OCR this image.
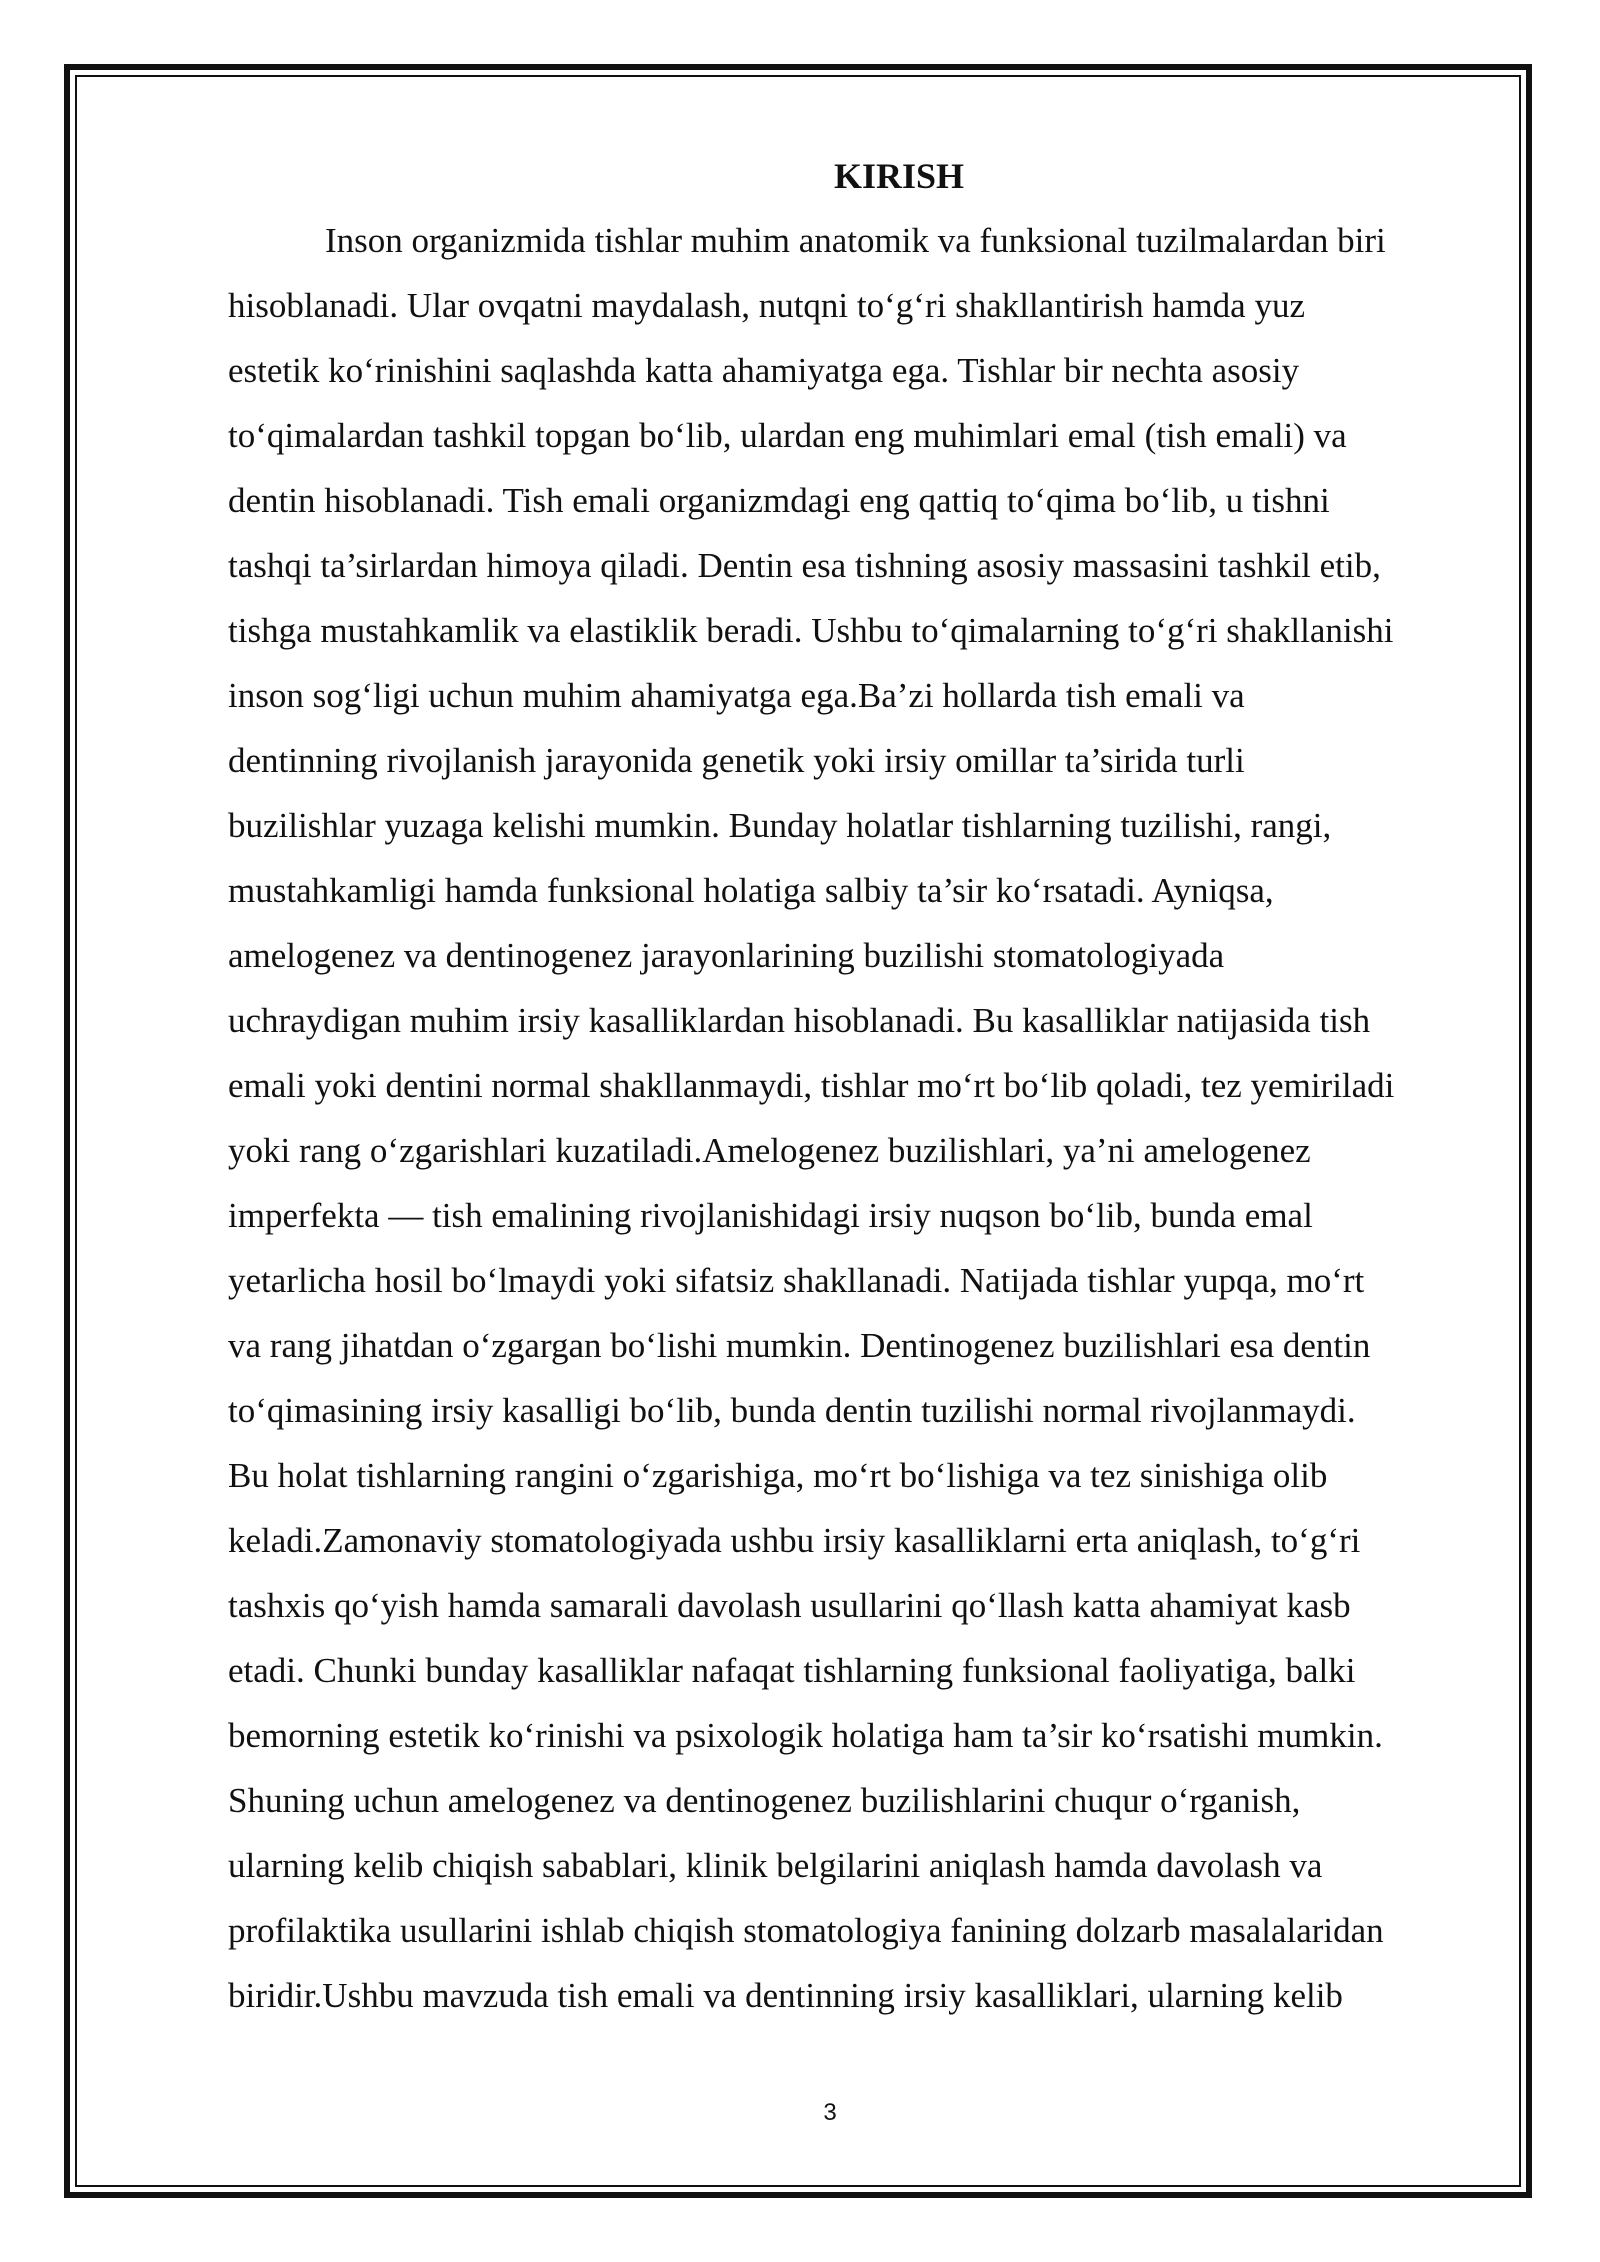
KIRISH

Inson organizmida tishlar muhim anatomik va funksional tuzilmalardan biri
hisoblanadi. Ular ovqatni maydalash, nutqni to‘g‘ri shakllantirish hamda yuz
estetik ko‘rinishini saqlashda katta ahamiyatga ega. Tishlar bir nechta asosiy
to‘qimalardan tashkil topgan bo‘lib, ulardan eng muhimlari emal (tish emali) va
dentin hisoblanadi. Tish emali organizmdagi eng qattiq to‘qima bo‘lib, u tishni
tashqi ta’sirlardan himoya qiladi. Dentin esa tishning asosiy massasini tashkil etib,
tishga mustahkamlik va elastiklik beradi. Ushbu to‘qimalarning to‘g‘ri shakllanishi
inson sog‘ligi uchun muhim ahamiyatga ega.Ba’zi hollarda tish emali va
dentinning rivojlanish jarayonida genetik yoki irsiy omillar ta’sirida turli
buzilishlar yuzaga kelishi mumkin. Bunday holatlar tishlarning tuzilishi, rangi,
mustahkamligi hamda funksional holatiga salbiy ta’sir ko‘rsatadi. Ayniqsa,
amelogenez va dentinogenez jarayonlarining buzilishi stomatologiyada
uchraydigan muhim irsiy kasalliklardan hisoblanadi. Bu kasalliklar natijasida tish
emali yoki dentini normal shakllanmaydi, tishlar mo‘rt bo‘lib qoladi, tez yemiriladi
yoki rang o‘zgarishlari kuzatiladi.Amelogenez buzilishlari, ya’ni amelogenez
imperfekta — tish emalining rivojlanishidagi irsiy nuqson bo‘lib, bunda emal
yetarlicha hosil bo‘lmaydi yoki sifatsiz shakllanadi. Natijada tishlar yupqa, mo‘rt
va rang jihatdan o‘zgargan bo‘lishi mumkin. Dentinogenez buzilishlari esa dentin
to‘qimasining irsiy kasalligi bo‘lib, bunda dentin tuzilishi normal rivojlanmaydi.
Bu holat tishlarning rangini o‘zgarishiga, mo‘rt bo‘lishiga va tez sinishiga olib
keladi.Zamonaviy stomatologiyada ushbu irsiy kasalliklarni erta aniqlash, to‘g‘ri
tashxis qo‘yish hamda samarali davolash usullarini qo‘llash katta ahamiyat kasb
etadi. Chunki bunday kasalliklar nafaqat tishlarning funksional faoliyatiga, balki
bemorning estetik ko‘rinishi va psixologik holatiga ham ta’sir ko‘rsatishi mumkin.
Shuning uchun amelogenez va dentinogenez buzilishlarini chuqur o‘rganish,
ularning kelib chiqish sabablari, klinik belgilarini aniqlash hamda davolash va
profilaktika usullarini ishlab chiqish stomatologiya fanining dolzarb masalalaridan
biridir.Ushbu mavzuda tish emali va dentinning irsiy kasalliklari, ularning kelib

3
